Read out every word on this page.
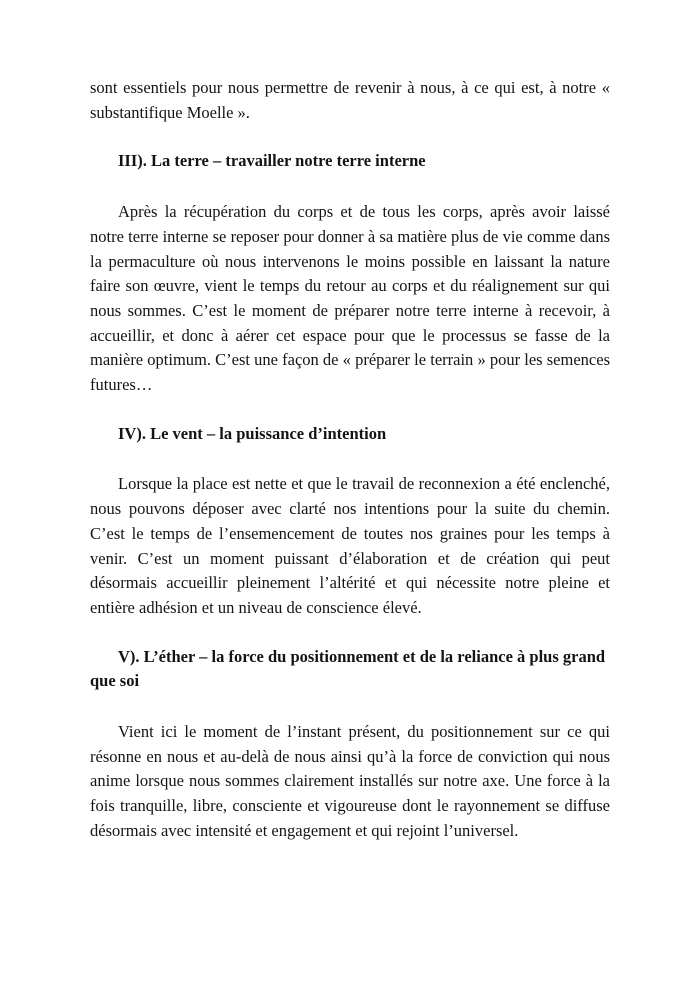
sont essentiels pour nous permettre de revenir à nous, à ce qui est, à notre « substantifique Moelle ».

III). La terre – travailler notre terre interne

Après la récupération du corps et de tous les corps, après avoir laissé notre terre interne se reposer pour donner à sa matière plus de vie comme dans la permaculture où nous intervenons le moins possible en laissant la nature faire son œuvre, vient le temps du retour au corps et du réalignement sur qui nous sommes. C’est le moment de préparer notre terre interne à recevoir, à accueillir, et donc à aérer cet espace pour que le processus se fasse de la manière optimum. C’est une façon de « préparer le terrain » pour les semences futures…

IV). Le vent – la puissance d’intention

Lorsque la place est nette et que le travail de reconnexion a été enclenché, nous pouvons déposer avec clarté nos intentions pour la suite du chemin. C’est le temps de l’ensemencement de toutes nos graines pour les temps à venir. C’est un moment puissant d’élaboration et de création qui peut désormais accueillir pleinement l’altérité et qui nécessite notre pleine et entière adhésion et un niveau de conscience élevé.

V). L’éther – la force du positionnement et de la reliance à plus grand que soi

Vient ici le moment de l’instant présent, du positionnement sur ce qui résonne en nous et au-delà de nous ainsi qu’à la force de conviction qui nous anime lorsque nous sommes clairement installés sur notre axe. Une force à la fois tranquille, libre, consciente et vigoureuse dont le rayonnement se diffuse désormais avec intensité et engagement et qui rejoint l’universel.
